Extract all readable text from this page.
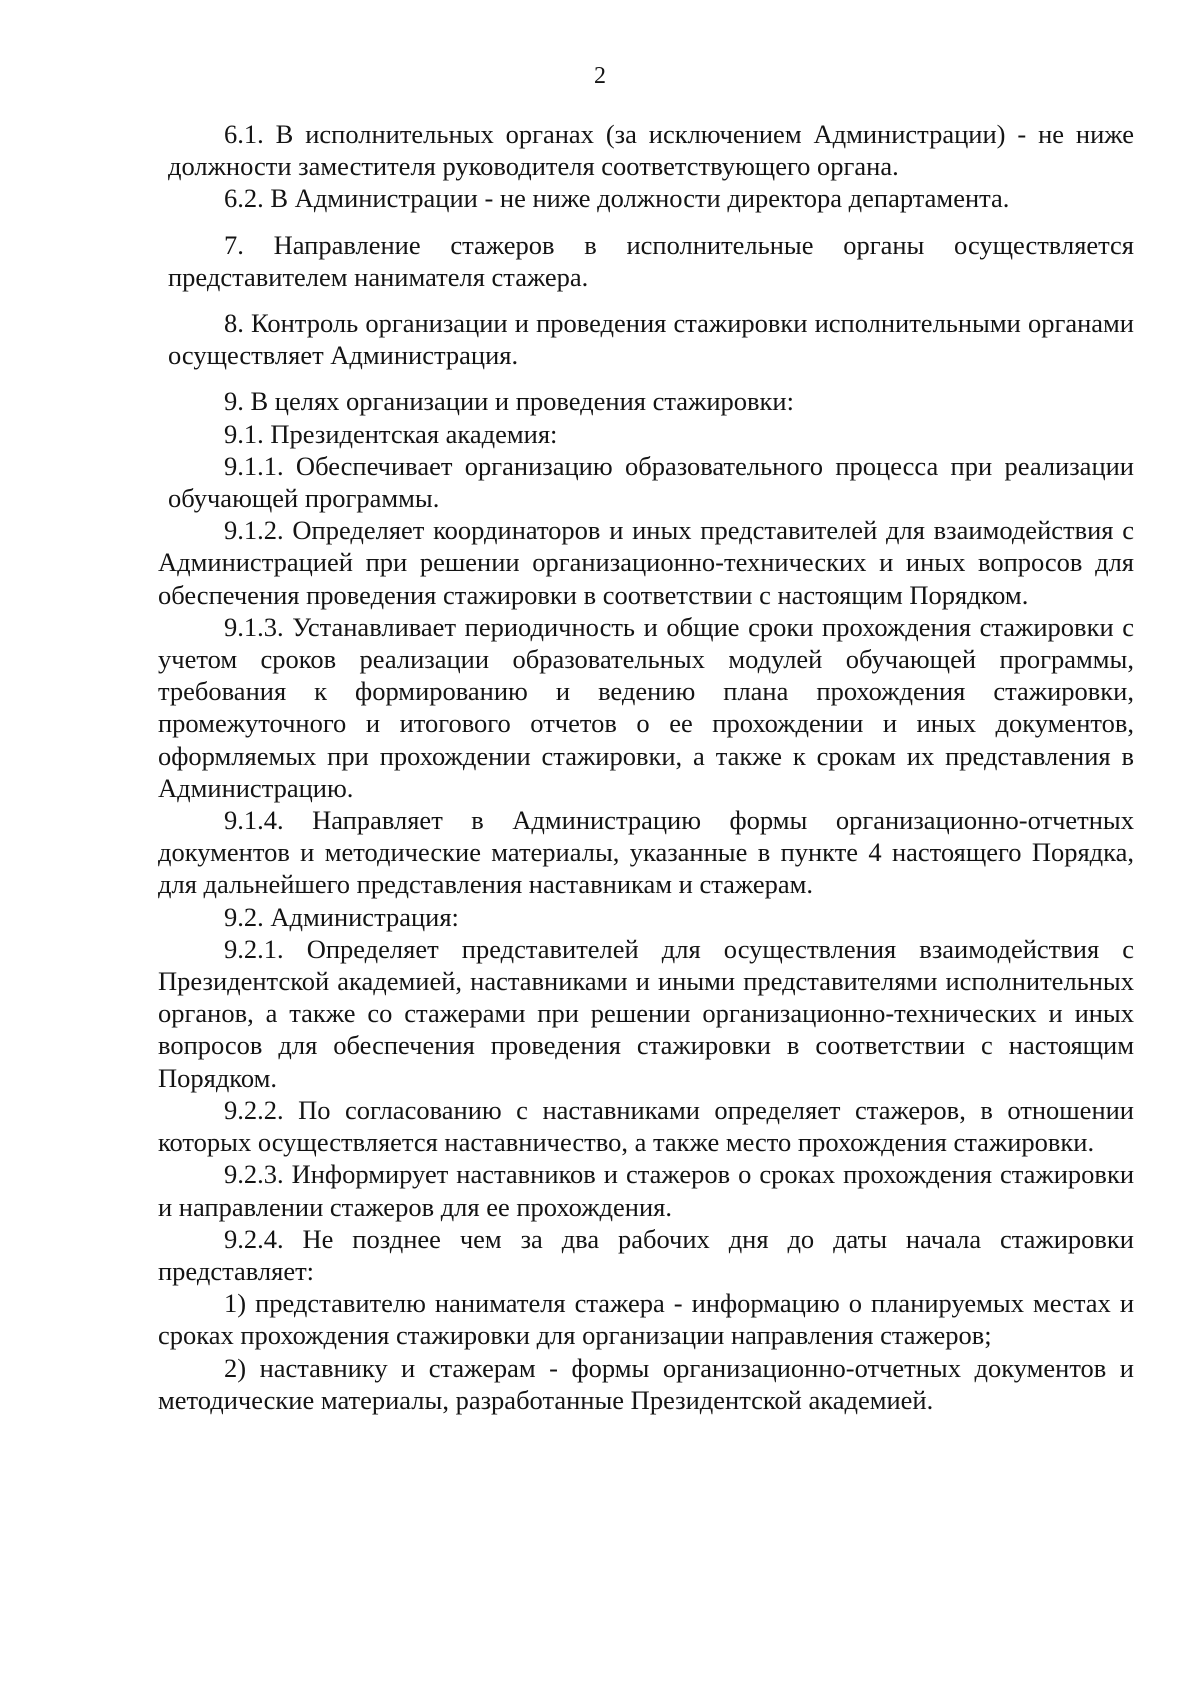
2

6.1. В исполнительных органах (за исключением Администрации) - не ниже должности заместителя руководителя соответствующего органа.

6.2. В Администрации - не ниже должности директора департамента.

7. Направление стажеров в исполнительные органы осуществляется представителем нанимателя стажера.

8. Контроль организации и проведения стажировки исполнительными органами осуществляет Администрация.

9. В целях организации и проведения стажировки:

9.1. Президентская академия:

9.1.1. Обеспечивает организацию образовательного процесса при реализации обучающей программы.

9.1.2. Определяет координаторов и иных представителей для взаимодействия с Администрацией при решении организационно-технических и иных вопросов для обеспечения проведения стажировки в соответствии с настоящим Порядком.

9.1.3. Устанавливает периодичность и общие сроки прохождения стажировки с учетом сроков реализации образовательных модулей обучающей программы, требования к формированию и ведению плана прохождения стажировки, промежуточного и итогового отчетов о ее прохождении и иных документов, оформляемых при прохождении стажировки, а также к срокам их представления в Администрацию.

9.1.4. Направляет в Администрацию формы организационно-отчетных документов и методические материалы, указанные в пункте 4 настоящего Порядка, для дальнейшего представления наставникам и стажерам.

9.2. Администрация:

9.2.1. Определяет представителей для осуществления взаимодействия с Президентской академией, наставниками и иными представителями исполнительных органов, а также со стажерами при решении организационно-технических и иных вопросов для обеспечения проведения стажировки в соответствии с настоящим Порядком.

9.2.2. По согласованию с наставниками определяет стажеров, в отношении которых осуществляется наставничество, а также место прохождения стажировки.

9.2.3. Информирует наставников и стажеров о сроках прохождения стажировки и направлении стажеров для ее прохождения.

9.2.4. Не позднее чем за два рабочих дня до даты начала стажировки представляет:

1) представителю нанимателя стажера - информацию о планируемых местах и сроках прохождения стажировки для организации направления стажеров;

2) наставнику и стажерам - формы организационно-отчетных документов и методические материалы, разработанные Президентской академией.
